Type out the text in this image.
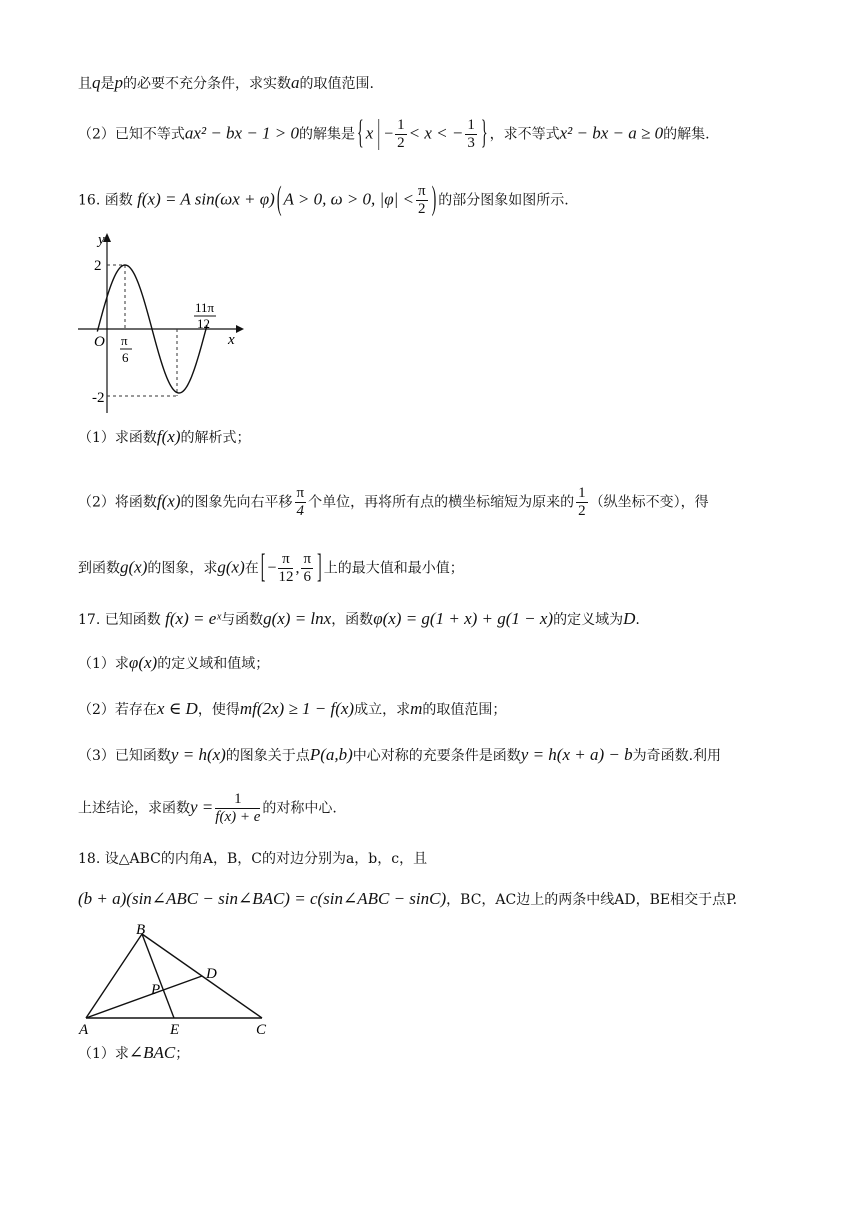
且q是p的必要不充分条件，求实数a的取值范围.
（2）已知不等式ax² − bx − 1 > 0的解集是 { x | − $\frac{1}{2} < x$ < − $\frac{1}{3}$ } ，求不等式x² − bx − a ≥ 0的解集.
16. 函数 f(x) = A sin(ωx + φ) ( A > 0, ω > 0, $|\varphi| < \frac{\pi}{2}$ ) 的部分图象如图所示.
y
x
O
2
-2
π
6
11π
12
（1）求函数f(x)的解析式；
（2）将函数f(x)的图象先向右平移 $\frac{\pi}{4}$ 个单位，再将所有点的横坐标缩短为原来的 $\frac{1}{2}$ （纵坐标不变），得
到函数g(x)的图象，求g(x)在 [ − $\frac{\pi}{12}$ , $\frac{\pi}{6}$ ] 上的最大值和最小值；
17. 已知函数 f(x) = eˣ与函数g(x) = lnx，函数φ(x) = g(1 + x) + g(1 − x)的定义域为D.
（1）求φ(x)的定义域和值域；
（2）若存在x ∈ D，使得mf(2x) ≥ 1 − f(x)成立，求m的取值范围；
（3）已知函数y = h(x)的图象关于点P(a,b)中心对称的充要条件是函数y = h(x + a) − b为奇函数.利用
上述结论，求函数$y = \frac{1}{f(x) + e}$ 的对称中心.
18. 设△ABC的内角A，B，C的对边分别为a，b，c，且
(b + a)(sin∠ABC − sin∠BAC) = c(sin∠ABC − sinC)，BC，AC边上的两条中线AD，BE相交于点P.
B
A	C
D
E
P
（1）求∠BAC；
